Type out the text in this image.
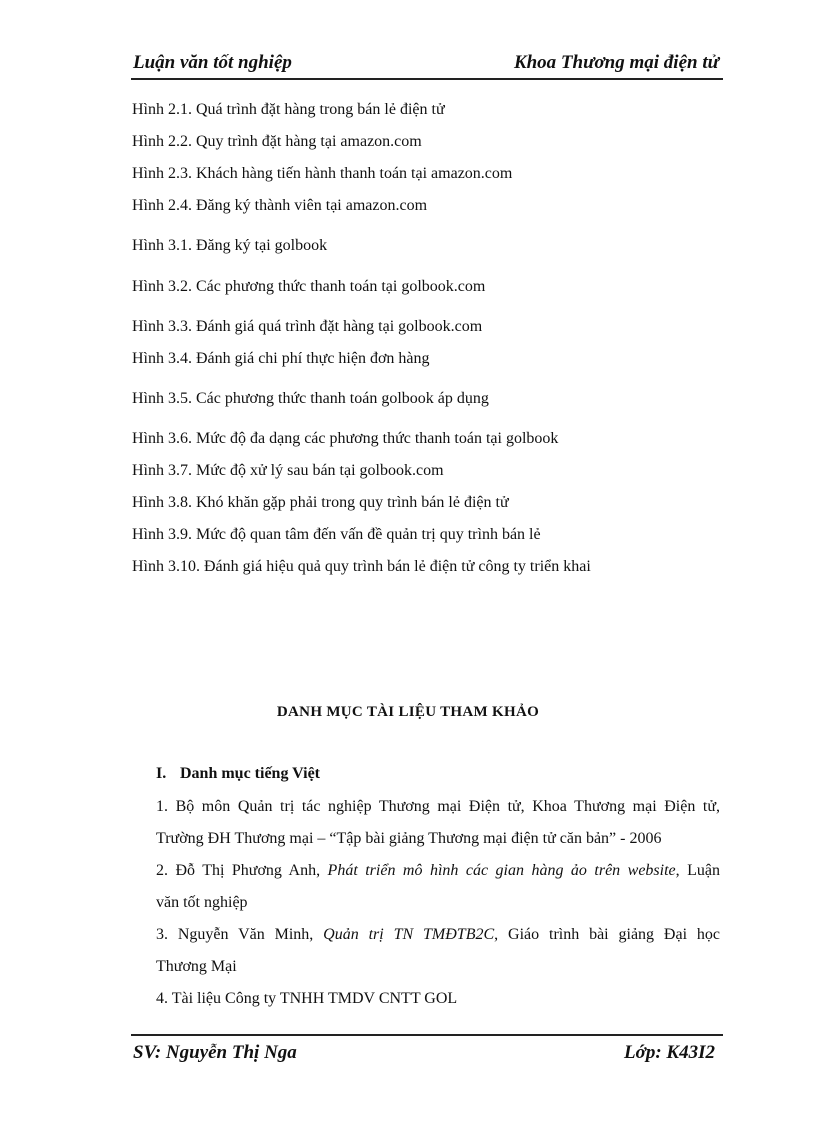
Luận văn tốt nghiệp	Khoa Thương mại điện tử
Hình 2.1. Quá trình đặt hàng trong bán lẻ điện tử
Hình 2.2. Quy trình đặt hàng tại amazon.com
Hình 2.3. Khách hàng tiến hành thanh toán tại amazon.com
Hình 2.4. Đăng ký thành viên tại amazon.com
Hình 3.1. Đăng ký tại golbook
Hình 3.2. Các phương thức thanh toán tại golbook.com
Hình 3.3. Đánh giá quá trình đặt hàng tại golbook.com
Hình 3.4. Đánh giá chi phí thực hiện đơn hàng
Hình 3.5. Các phương thức thanh toán golbook áp dụng
Hình 3.6. Mức độ đa dạng các phương thức thanh toán tại golbook
Hình 3.7. Mức độ xử lý sau bán tại golbook.com
Hình 3.8. Khó khăn gặp phải trong quy trình bán lẻ điện tử
Hình 3.9. Mức độ quan tâm đến vấn đề quản trị quy trình bán lẻ
Hình 3.10. Đánh giá hiệu quả quy trình bán lẻ điện tử công ty triển khai
DANH MỤC TÀI LIỆU THAM KHẢO
I. Danh mục tiếng Việt
1. Bộ môn Quản trị tác nghiệp Thương mại Điện tử, Khoa Thương mại Điện tử,
Trường ĐH Thương mại – “Tập bài giảng Thương mại điện tử căn bản” - 2006
2. Đỗ Thị Phương Anh, Phát triển mô hình các gian hàng ảo trên website, Luận
văn tốt nghiệp
3. Nguyễn Văn Minh, Quản trị TN TMĐTB2C, Giáo trình bài giảng Đại học
Thương Mại
4. Tài liệu Công ty TNHH TMDV CNTT GOL
SV: Nguyễn Thị Nga	Lớp: K43I2
